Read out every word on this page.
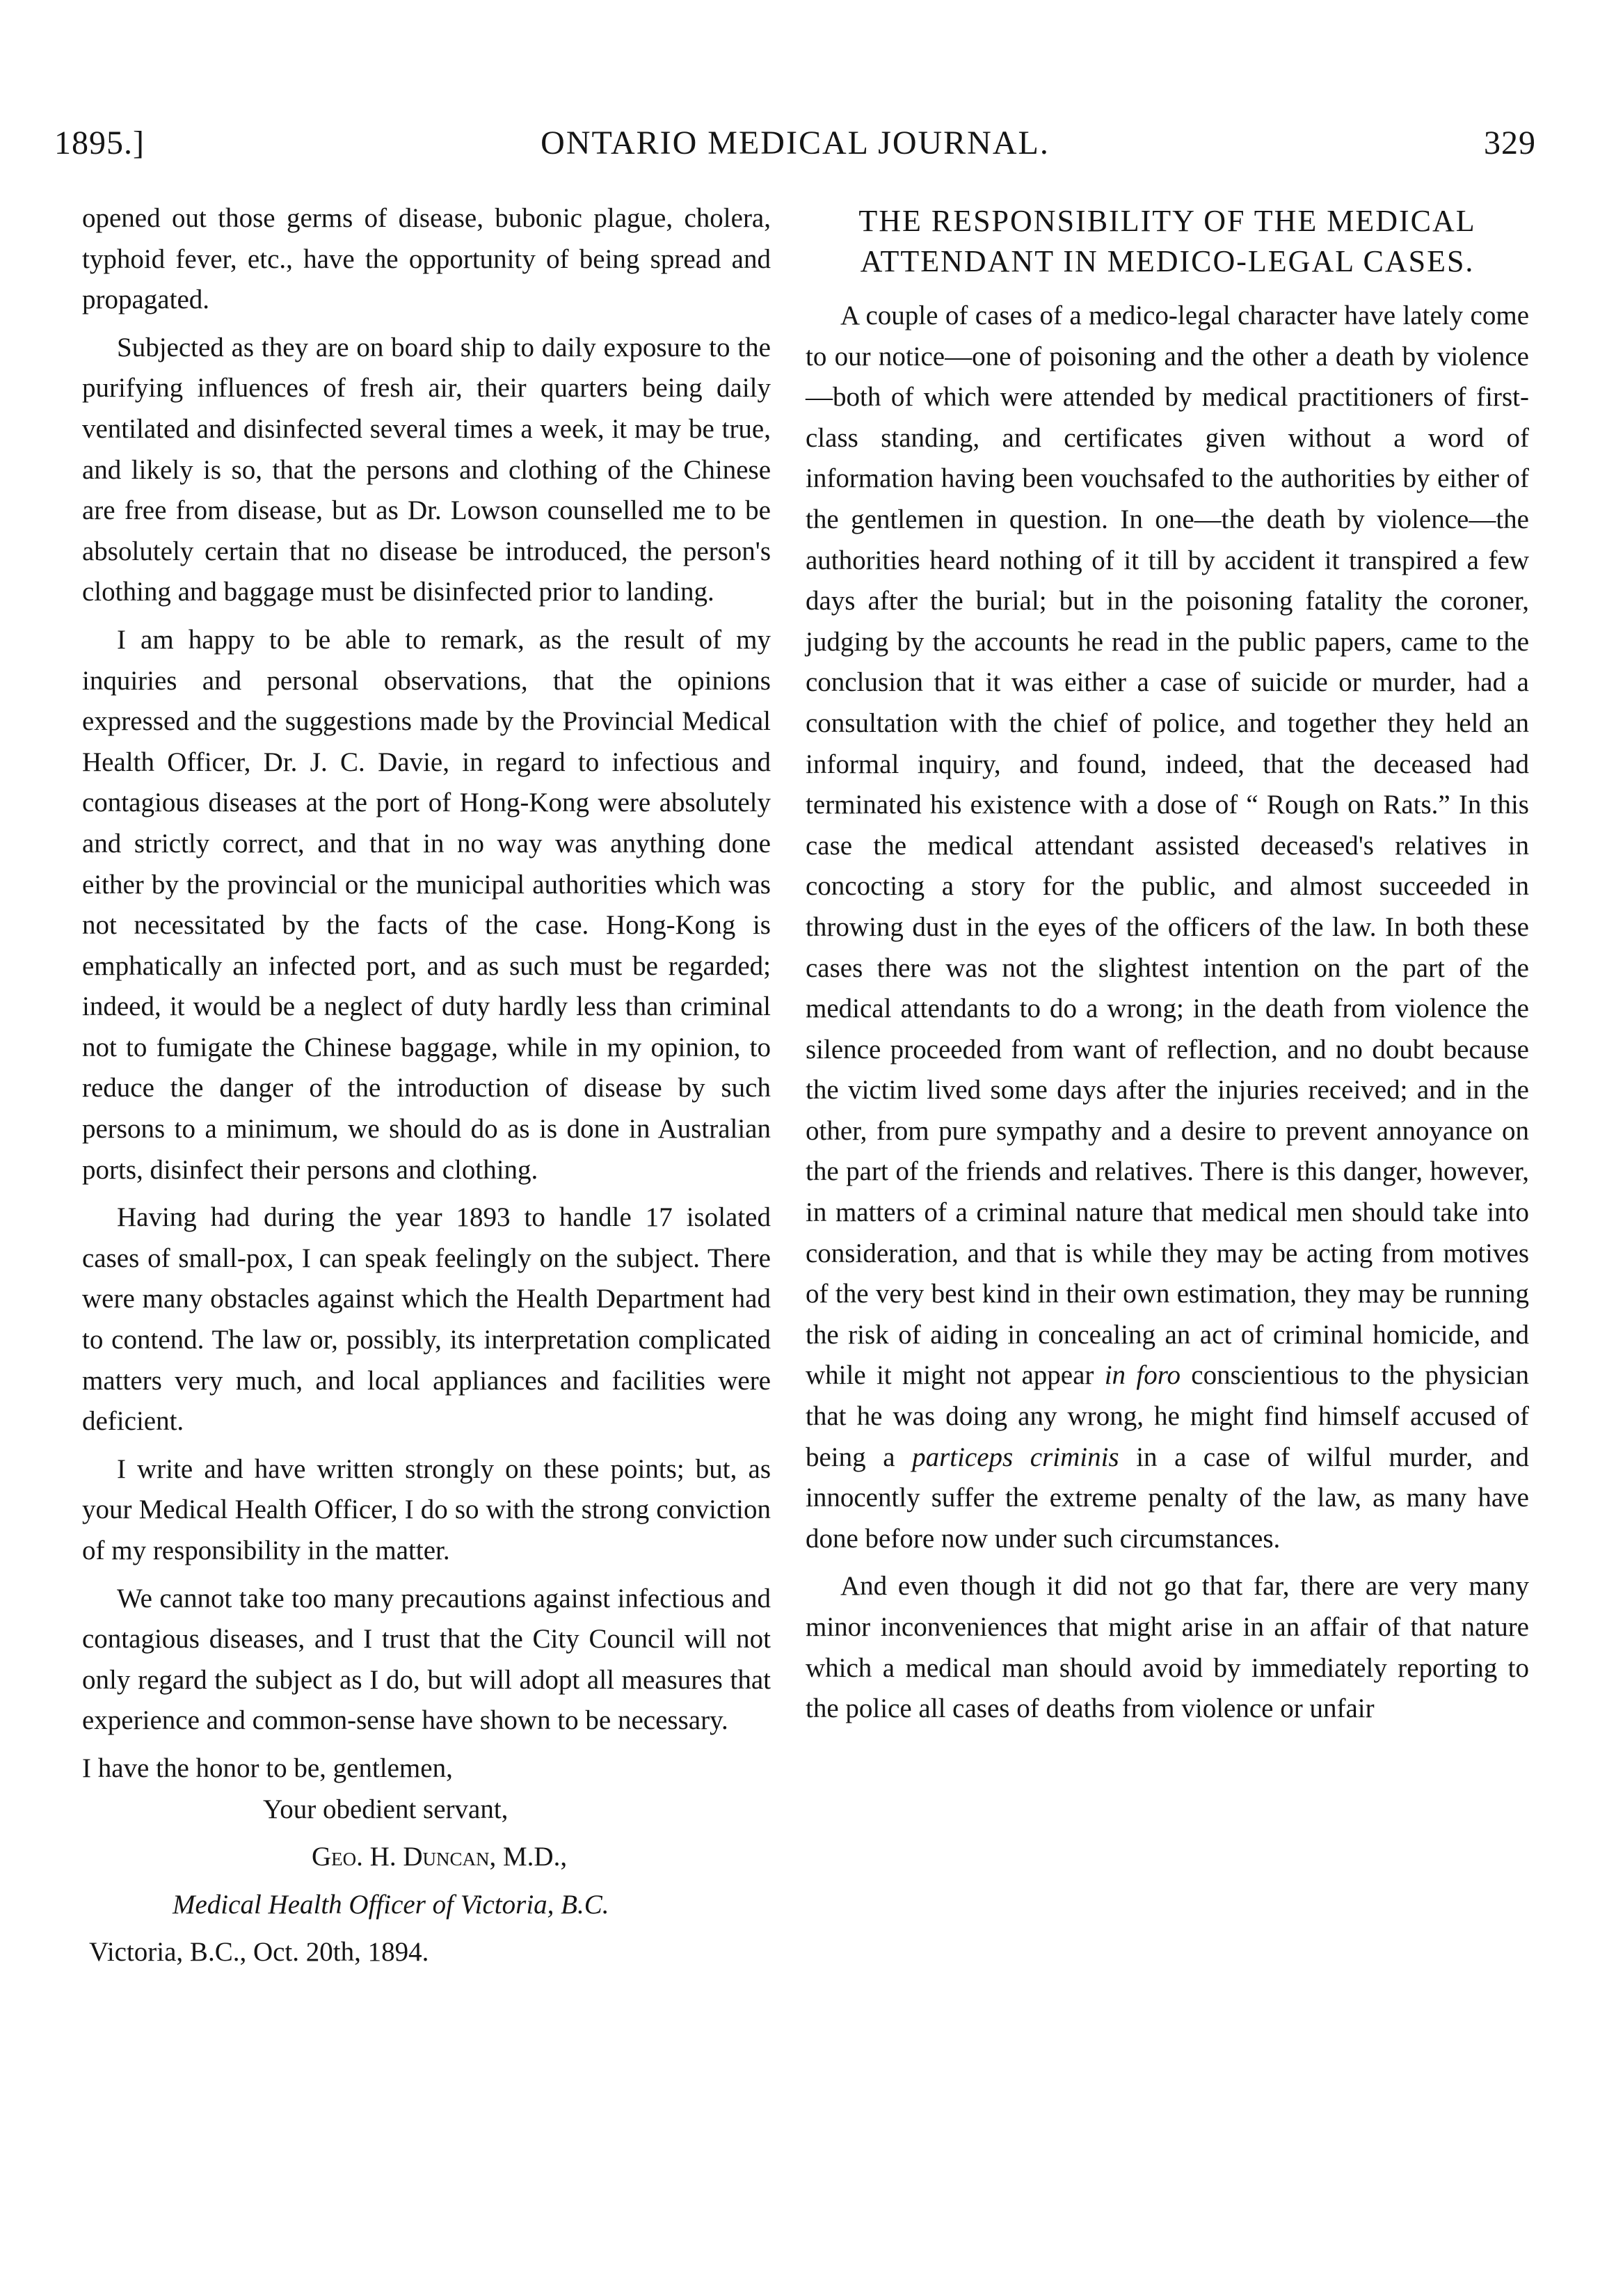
1895.]	ONTARIO MEDICAL JOURNAL.	329

opened out those germs of disease, bubonic plague, cholera, typhoid fever, etc., have the opportunity of being spread and propagated.

Subjected as they are on board ship to daily exposure to the purifying influences of fresh air, their quarters being daily ventilated and disinfected several times a week, it may be true, and likely is so, that the persons and clothing of the Chinese are free from disease, but as Dr. Lowson counselled me to be absolutely certain that no disease be introduced, the person's clothing and baggage must be disinfected prior to landing.

I am happy to be able to remark, as the result of my inquiries and personal observations, that the opinions expressed and the suggestions made by the Provincial Medical Health Officer, Dr. J. C. Davie, in regard to infectious and contagious diseases at the port of Hong-Kong were absolutely and strictly correct, and that in no way was anything done either by the provincial or the municipal authorities which was not necessitated by the facts of the case. Hong-Kong is emphatically an infected port, and as such must be regarded; indeed, it would be a neglect of duty hardly less than criminal not to fumigate the Chinese baggage, while in my opinion, to reduce the danger of the introduction of disease by such persons to a minimum, we should do as is done in Australian ports, disinfect their persons and clothing.

Having had during the year 1893 to handle 17 isolated cases of small-pox, I can speak feelingly on the subject. There were many obstacles against which the Health Department had to contend. The law or, possibly, its interpretation complicated matters very much, and local appliances and facilities were deficient.

I write and have written strongly on these points; but, as your Medical Health Officer, I do so with the strong conviction of my responsibility in the matter.

We cannot take too many precautions against infectious and contagious diseases, and I trust that the City Council will not only regard the subject as I do, but will adopt all measures that experience and common-sense have shown to be necessary.

I have the honor to be, gentlemen,

Your obedient servant,

Geo. H. Duncan, M.D.,

Medical Health Officer of Victoria, B.C.

Victoria, B.C., Oct. 20th, 1894.

THE RESPONSIBILITY OF THE MEDICAL ATTENDANT IN MEDICO-LEGAL CASES.

A couple of cases of a medico-legal character have lately come to our notice—one of poisoning and the other a death by violence—both of which were attended by medical practitioners of first-class standing, and certificates given without a word of information having been vouchsafed to the authorities by either of the gentlemen in question. In one—the death by violence—the authorities heard nothing of it till by accident it transpired a few days after the burial; but in the poisoning fatality the coroner, judging by the accounts he read in the public papers, came to the conclusion that it was either a case of suicide or murder, had a consultation with the chief of police, and together they held an informal inquiry, and found, indeed, that the deceased had terminated his existence with a dose of “ Rough on Rats.” In this case the medical attendant assisted deceased's relatives in concocting a story for the public, and almost succeeded in throwing dust in the eyes of the officers of the law. In both these cases there was not the slightest intention on the part of the medical attendants to do a wrong; in the death from violence the silence proceeded from want of reflection, and no doubt because the victim lived some days after the injuries received; and in the other, from pure sympathy and a desire to prevent annoyance on the part of the friends and relatives. There is this danger, however, in matters of a criminal nature that medical men should take into consideration, and that is while they may be acting from motives of the very best kind in their own estimation, they may be running the risk of aiding in concealing an act of criminal homicide, and while it might not appear in foro conscientious to the physician that he was doing any wrong, he might find himself accused of being a particeps criminis in a case of wilful murder, and innocently suffer the extreme penalty of the law, as many have done before now under such circumstances.

And even though it did not go that far, there are very many minor inconveniences that might arise in an affair of that nature which a medical man should avoid by immediately reporting to the police all cases of deaths from violence or unfair
